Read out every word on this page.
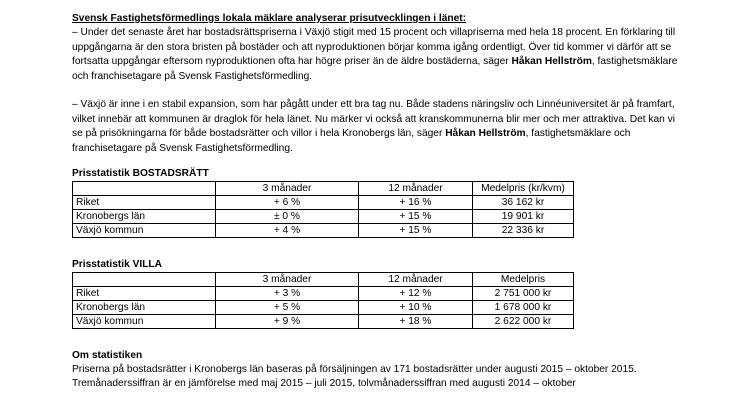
Svensk Fastighetsförmedlings lokala mäklare analyserar prisutvecklingen i länet:

– Under det senaste året har bostadsrättspriserna i Växjö stigit med 15 procent och villapriserna med hela 18 procent. En förklaring till uppgångarna är den stora bristen på bostäder och att nyproduktionen börjar komma igång ordentligt. Över tid kommer vi därför att se fortsatta uppgångar eftersom nyproduktionen ofta har högre priser än de äldre bostäderna, säger Håkan Hellström, fastighetsmäklare och franchisetagare på Svensk Fastighetsförmedling.

– Växjö är inne i en stabil expansion, som har pågått under ett bra tag nu. Både stadens näringsliv och Linnéuniversitet är på framfart, vilket innebär att kommunen är draglok för hela länet. Nu märker vi också att kranskommunerna blir mer och mer attraktiva. Det kan vi se på prisökningarna för både bostadsrätter och villor i hela Kronobergs län, säger Håkan Hellström, fastighetsmäklare och franchisetagare på Svensk Fastighetsförmedling.

Prisstatistik BOSTADSRÄTT
	3 månader	12 månader	Medelpris (kr/kvm)
Riket	+ 6 %	+ 16 %	36 162 kr
Kronobergs län	± 0 %	+ 15 %	19 901 kr
Växjö kommun	+ 4 %	+ 15 %	22 336 kr
Prisstatistik VILLA
	3 månader	12 månader	Medelpris
Riket	+ 3 %	+ 12 %	2 751 000 kr
Kronobergs län	+ 5 %	+ 10 %	1 678 000 kr
Växjö kommun	+ 9 %	+ 18 %	2 622 000 kr
Om statistiken

Priserna på bostadsrätter i Kronobergs län baseras på försäljningen av 171 bostadsrätter under augusti 2015 – oktober 2015. Tremånaderssiffran är en jämförelse med maj 2015 – juli 2015, tolvmånaderssiffran med augusti 2014 – oktober
